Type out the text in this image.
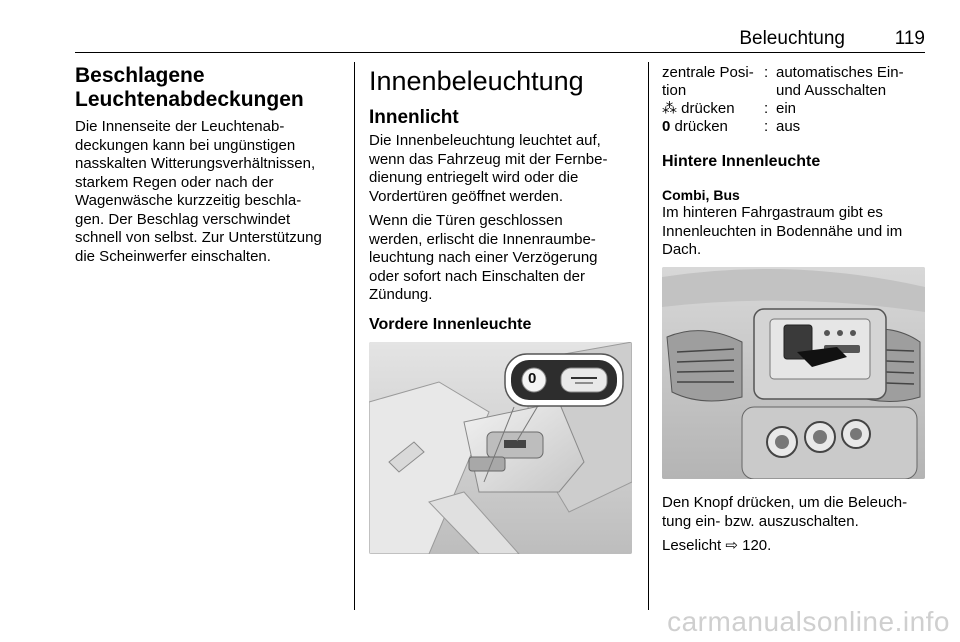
Beleuchtung	119
Beschlagene
Leuchtenabdeckungen

Die Innenseite der Leuchtenab-

deckungen kann bei ungünstigen

nasskalten Witterungsverhältnissen,

starkem Regen oder nach der

Wagenwäsche kurzzeitig beschla-

gen. Der Beschlag verschwindet

schnell von selbst. Zur Unterstützung

die Scheinwerfer einschalten.

Innenbeleuchtung
Innenlicht

Die Innenbeleuchtung leuchtet auf,

wenn das Fahrzeug mit der Fernbe-

dienung entriegelt wird oder die

Vordertüren geöffnet werden.

Wenn die Türen geschlossen

werden, erlischt die Innenraumbe-

leuchtung nach einer Verzögerung

oder sofort nach Einschalten der

Zündung.

Vordere Innenleuchte
0
zentrale Posi-
tion
: automatisches Ein-
und Ausschalten
⁂ drücken	: ein
0 drücken	: aus
Hintere Innenleuchte
Combi, Bus

Im hinteren Fahrgastraum gibt es

Innenleuchten in Bodennähe und im

Dach.

Den Knopf drücken, um die Beleuch-

tung ein- bzw. auszuschalten.

Leselicht ⇨ 120.

carmanualsonline.info
